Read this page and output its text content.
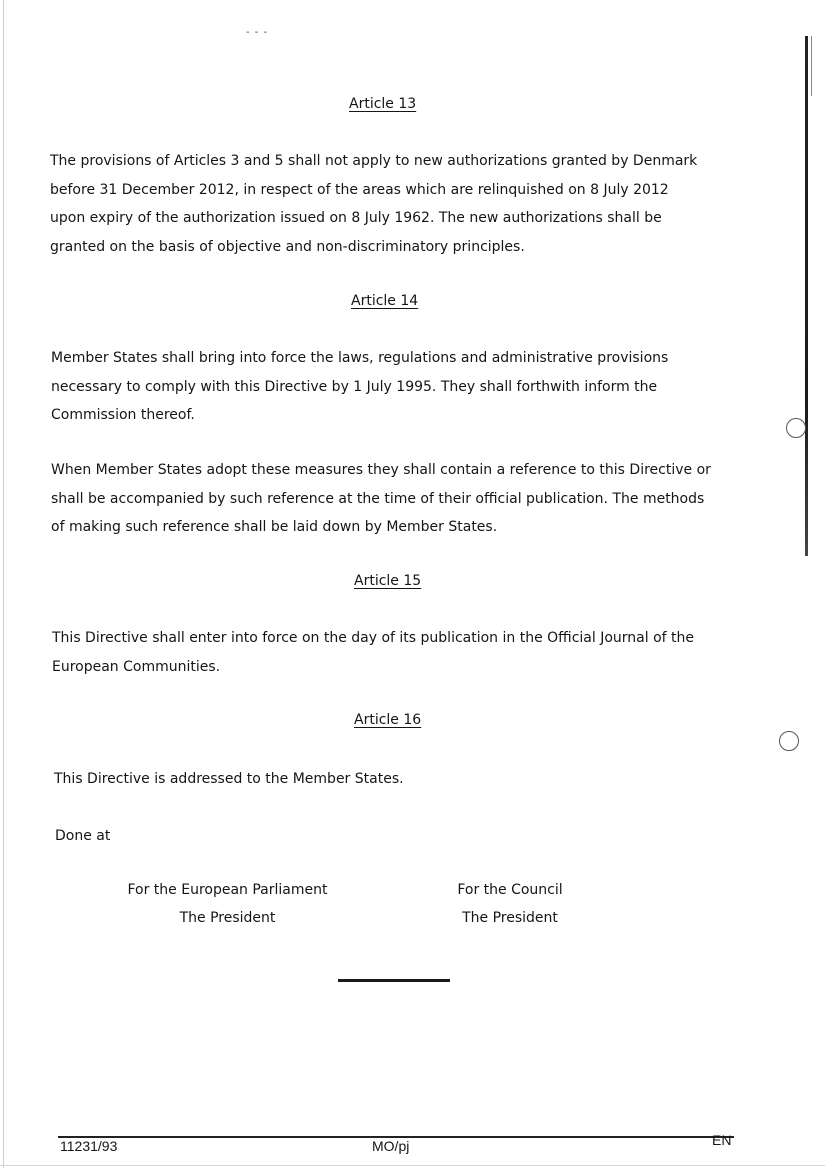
- - -
Article 13

The provisions of Articles 3 and 5 shall not apply to new authorizations granted by Denmark
before 31 December 2012, in respect of the areas which are relinquished on 8 July 2012
upon expiry of the authorization issued on 8 July 1962. The new authorizations shall be
granted on the basis of objective and non-discriminatory principles.

Article 14

Member States shall bring into force the laws, regulations and administrative provisions
necessary to comply with this Directive by 1 July 1995. They shall forthwith inform the
Commission thereof.

When Member States adopt these measures they shall contain a reference to this Directive or
shall be accompanied by such reference at the time of their official publication. The methods
of making such reference shall be laid down by Member States.

Article 15

This Directive shall enter into force on the day of its publication in the Official Journal of the
European Communities.

Article 16

This Directive is addressed to the Member States.

Done at

For the European Parliament
The President
For the Council
The President
11231/93	MO/pj	EN
